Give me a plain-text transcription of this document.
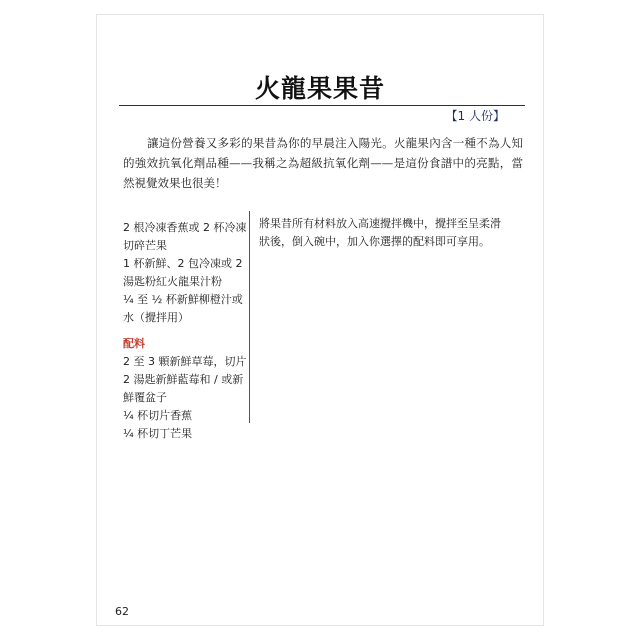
火龍果果昔
【1 人份】

讓這份營養又多彩的果昔為你的早晨注入陽光。火龍果內含一種不為人知的強效抗氧化劑品種——我稱之為超級抗氧化劑——是這份食譜中的亮點，當然視覺效果也很美！

2 根冷凍香蕉或 2 杯冷凍
切碎芒果
1 杯新鮮、2 包冷凍或 2
湯匙粉紅火龍果汁粉
¼ 至 ½ 杯新鮮柳橙汁或
水（攪拌用）
配料
2 至 3 顆新鮮草莓，切片
2 湯匙新鮮藍莓和 / 或新
鮮覆盆子
¼ 杯切片香蕉
¼ 杯切丁芒果
將果昔所有材料放入高速攪拌機中，攪拌至呈柔滑狀後，倒入碗中，加入你選擇的配料即可享用。
62
